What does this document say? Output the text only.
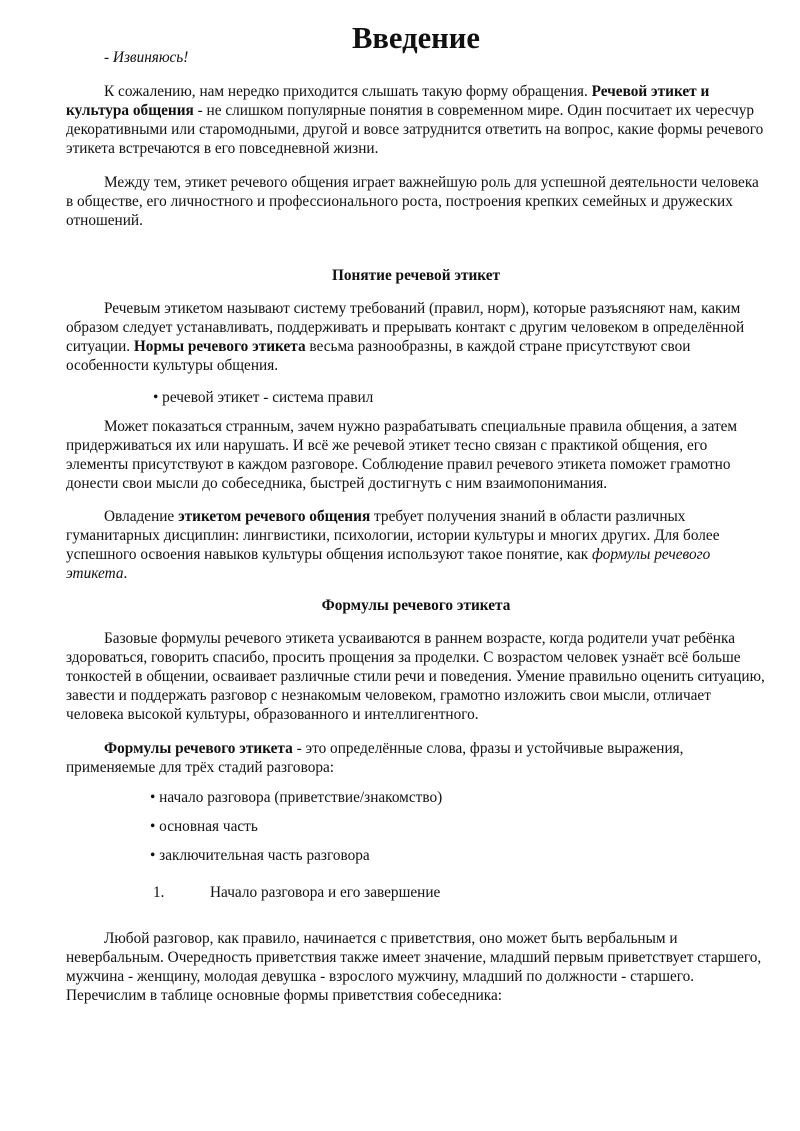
Введение

- Извиняюсь!

К сожалению, нам нередко приходится слышать такую форму обращения. Речевой этикет и культура общения - не слишком популярные понятия в современном мире. Один посчитает их чересчур декоративными или старомодными, другой и вовсе затруднится ответить на вопрос, какие формы речевого этикета встречаются в его повседневной жизни.

Между тем, этикет речевого общения играет важнейшую роль для успешной деятельности человека в обществе, его личностного и профессионального роста, построения крепких семейных и дружеских отношений.

Понятие речевой этикет

Речевым этикетом называют систему требований (правил, норм), которые разъясняют нам, каким образом следует устанавливать, поддерживать и прерывать контакт с другим человеком в определённой ситуации. Нормы речевого этикета весьма разнообразны, в каждой стране присутствуют свои особенности культуры общения.

• речевой этикет - система правил

Может показаться странным, зачем нужно разрабатывать специальные правила общения, а затем придерживаться их или нарушать. И всё же речевой этикет тесно связан с практикой общения, его элементы присутствуют в каждом разговоре. Соблюдение правил речевого этикета поможет грамотно донести свои мысли до собеседника, быстрей достигнуть с ним взаимопонимания.

Овладение этикетом речевого общения требует получения знаний в области различных гуманитарных дисциплин: лингвистики, психологии, истории культуры и многих других. Для более успешного освоения навыков культуры общения используют такое понятие, как формулы речевого этикета.

Формулы речевого этикета

Базовые формулы речевого этикета усваиваются в раннем возрасте, когда родители учат ребёнка здороваться, говорить спасибо, просить прощения за проделки. С возрастом человек узнаёт всё больше тонкостей в общении, осваивает различные стили речи и поведения. Умение правильно оценить ситуацию, завести и поддержать разговор с незнакомым человеком, грамотно изложить свои мысли, отличает человека высокой культуры, образованного и интеллигентного.

Формулы речевого этикета - это определённые слова, фразы и устойчивые выражения, применяемые для трёх стадий разговора:

• начало разговора (приветствие/знакомство)
• основная часть
• заключительная часть разговора
1.	Начало разговора и его завершение

Любой разговор, как правило, начинается с приветствия, оно может быть вербальным и невербальным. Очередность приветствия также имеет значение, младший первым приветствует старшего, мужчина - женщину, молодая девушка - взрослого мужчину, младший по должности - старшего. Перечислим в таблице основные формы приветствия собеседника:
